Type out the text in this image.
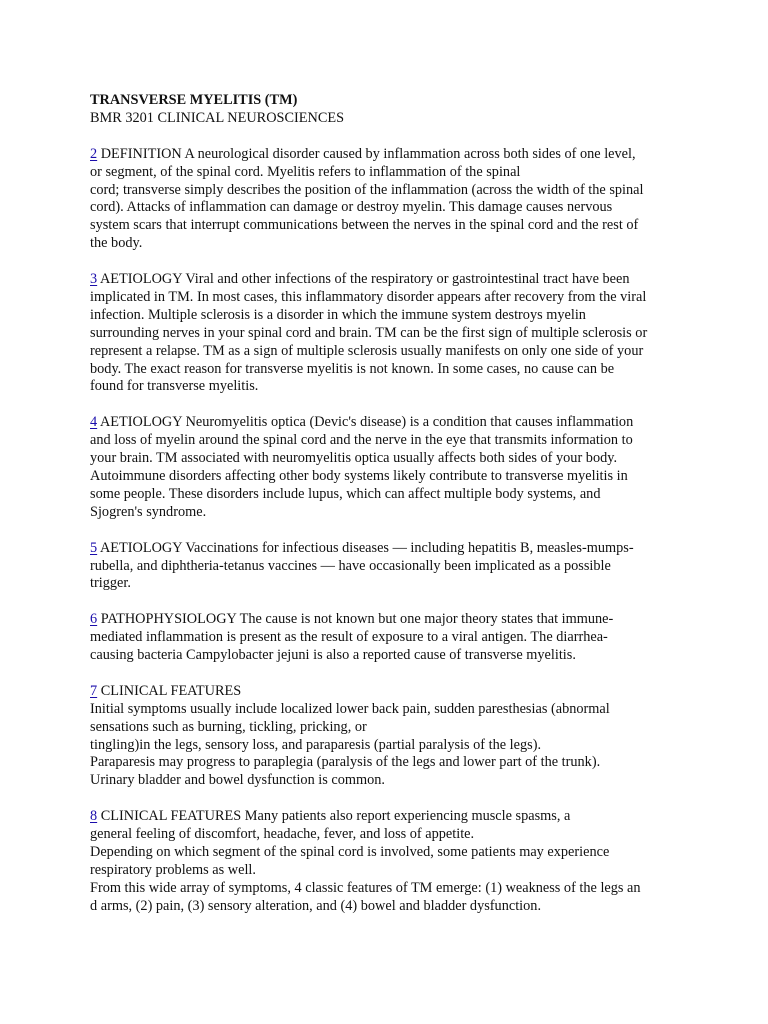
TRANSVERSE MYELITIS (TM)
BMR 3201 CLINICAL NEUROSCIENCES
2 DEFINITION A neurological disorder caused by inflammation across both sides of one level,
or segment, of the spinal cord. Myelitis refers to inflammation of the spinal
cord; transverse simply describes the position of the inflammation (across the width of the spinal
cord). Attacks of inflammation can damage or destroy myelin. This damage causes nervous
system scars that interrupt communications between the nerves in the spinal cord and the rest of
the body.
3 AETIOLOGY Viral and other infections of the respiratory or gastrointestinal tract have been
implicated in TM. In most cases, this inflammatory disorder appears after recovery from the viral
infection. Multiple sclerosis is a disorder in which the immune system destroys myelin
surrounding nerves in your spinal cord and brain. TM can be the first sign of multiple sclerosis or
represent a relapse. TM as a sign of multiple sclerosis usually manifests on only one side of your
body. The exact reason for transverse myelitis is not known. In some cases, no cause can be
found for transverse myelitis.
4 AETIOLOGY Neuromyelitis optica (Devic's disease) is a condition that causes inflammation
and loss of myelin around the spinal cord and the nerve in the eye that transmits information to
your brain. TM associated with neuromyelitis optica usually affects both sides of your body.
Autoimmune disorders affecting other body systems likely contribute to transverse myelitis in
some people. These disorders include lupus, which can affect multiple body systems, and
Sjogren's syndrome.
5 AETIOLOGY Vaccinations for infectious diseases — including hepatitis B, measles-mumps-
rubella, and diphtheria-tetanus vaccines — have occasionally been implicated as a possible
trigger.
6 PATHOPHYSIOLOGY The cause is not known but one major theory states that immune-
mediated inflammation is present as the result of exposure to a viral antigen. The diarrhea-
causing bacteria Campylobacter jejuni is also a reported cause of transverse myelitis.
7 CLINICAL FEATURES
Initial symptoms usually include localized lower back pain, sudden paresthesias (abnormal
sensations such as burning, tickling, pricking, or
tingling)in the legs, sensory loss, and paraparesis (partial paralysis of the legs).
Paraparesis may progress to paraplegia (paralysis of the legs and lower part of the trunk).
Urinary bladder and bowel dysfunction is common.
8 CLINICAL FEATURES Many patients also report experiencing muscle spasms, a
general feeling of discomfort, headache, fever, and loss of appetite.
Depending on which segment of the spinal cord is involved, some patients may experience
respiratory problems as well.
From this wide array of symptoms, 4 classic features of TM emerge: (1) weakness of the legs an
d arms, (2) pain, (3) sensory alteration, and (4) bowel and bladder dysfunction.
